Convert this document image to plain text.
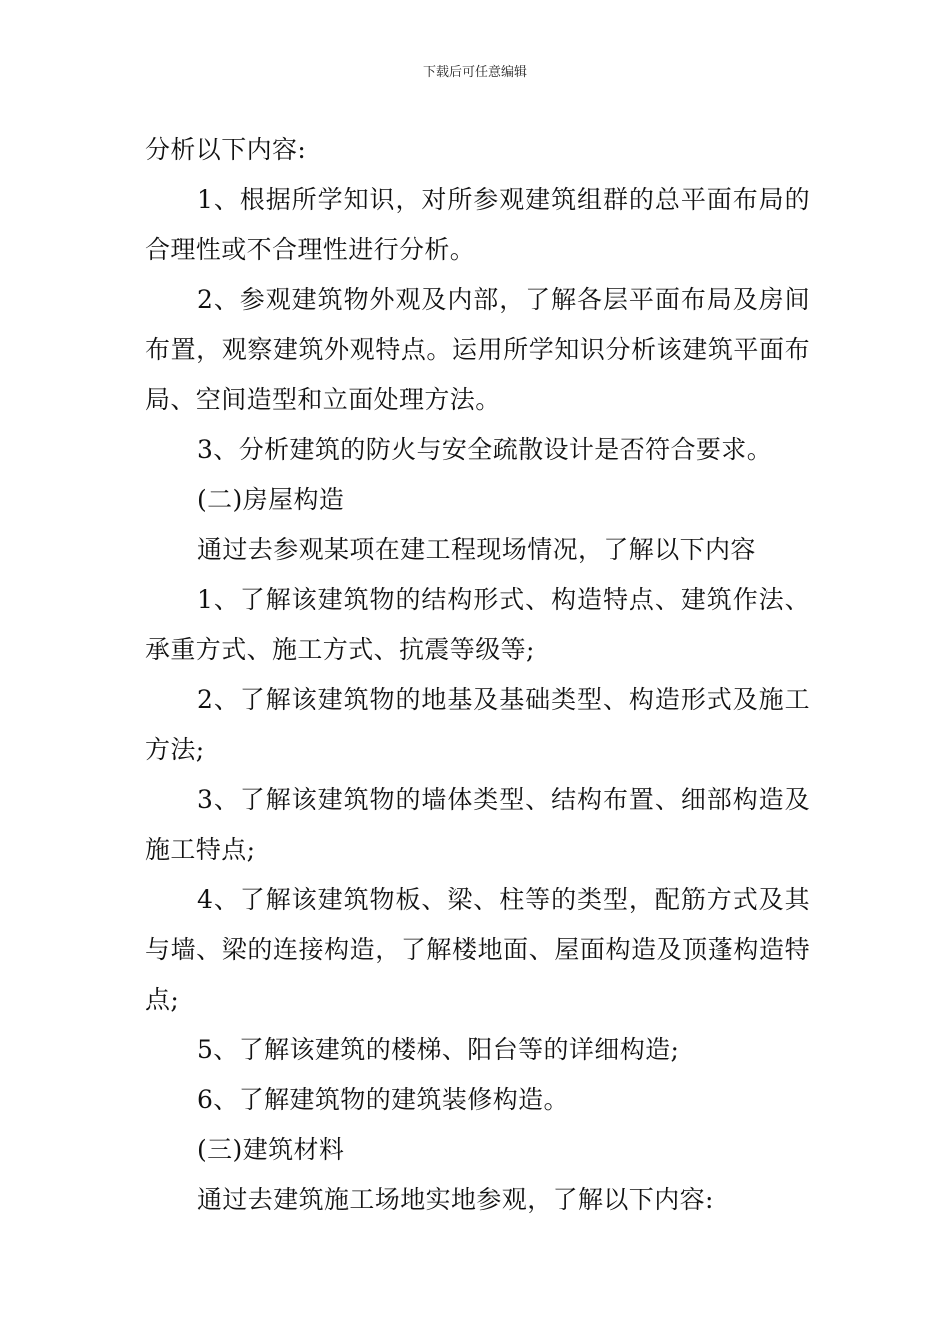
下载后可任意编辑

分析以下内容:

1、根据所学知识，对所参观建筑组群的总平面布局的合理性或不合理性进行分析。

2、参观建筑物外观及内部，了解各层平面布局及房间布置，观察建筑外观特点。运用所学知识分析该建筑平面布局、空间造型和立面处理方法。

3、分析建筑的防火与安全疏散设计是否符合要求。

(二)房屋构造

通过去参观某项在建工程现场情况，了解以下内容

1、了解该建筑物的结构形式、构造特点、建筑作法、承重方式、施工方式、抗震等级等;

2、了解该建筑物的地基及基础类型、构造形式及施工方法;

3、了解该建筑物的墙体类型、结构布置、细部构造及施工特点;

4、了解该建筑物板、梁、柱等的类型，配筋方式及其与墙、梁的连接构造，了解楼地面、屋面构造及顶蓬构造特点;

5、了解该建筑的楼梯、阳台等的详细构造;

6、了解建筑物的建筑装修构造。

(三)建筑材料

通过去建筑施工场地实地参观，了解以下内容:
